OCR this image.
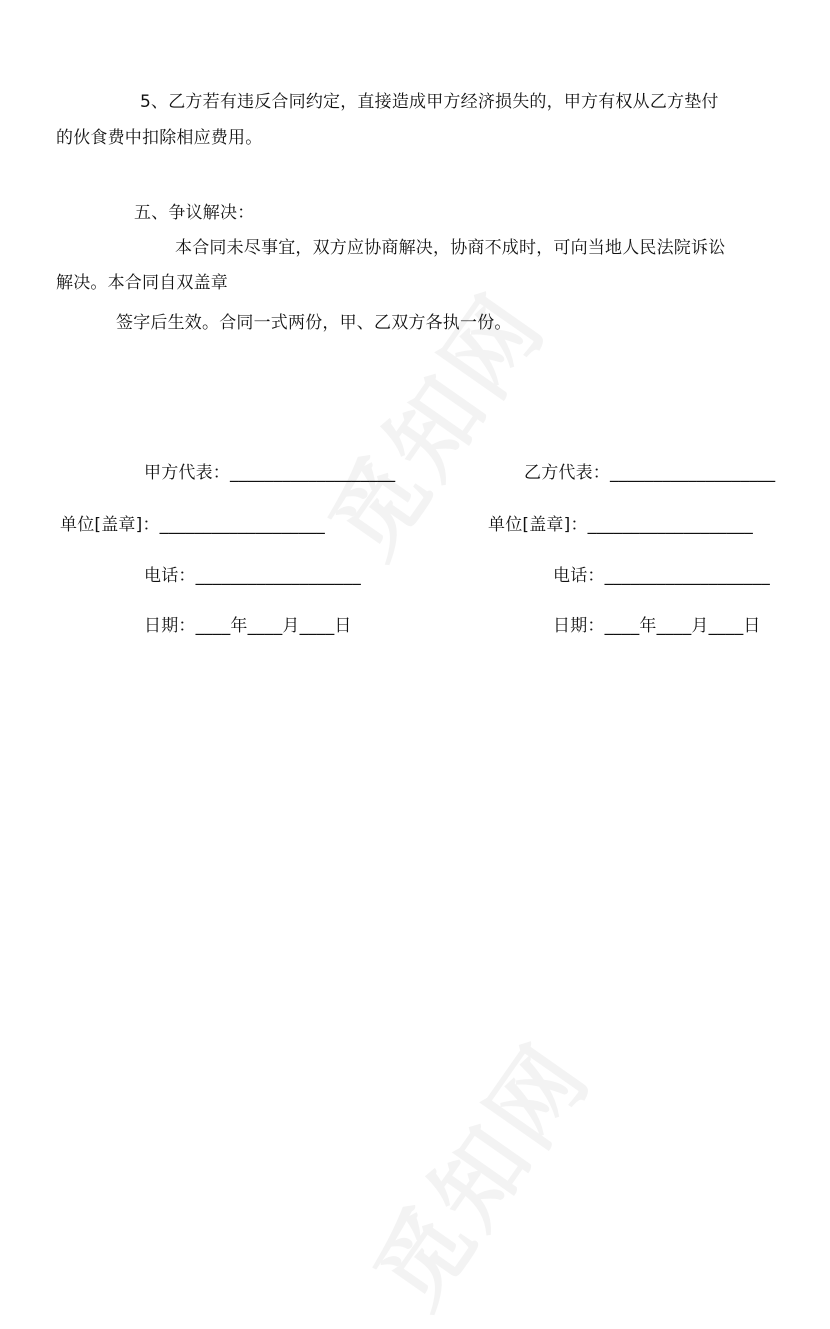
5、乙方若有违反合同约定，直接造成甲方经济损失的，甲方有权从乙方垫付
的伙食费中扣除相应费用。
五、争议解决：
本合同未尽事宜，双方应协商解决，协商不成时，可向当地人民法院诉讼
解决。本合同自双盖章
签字后生效。合同一式两份，甲、乙双方各执一份。
甲方代表：___________________
单位[盖章]：___________________
电话：___________________
日期：____年____月____日
乙方代表：___________________
单位[盖章]：___________________
电话：___________________
日期：____年____月____日
